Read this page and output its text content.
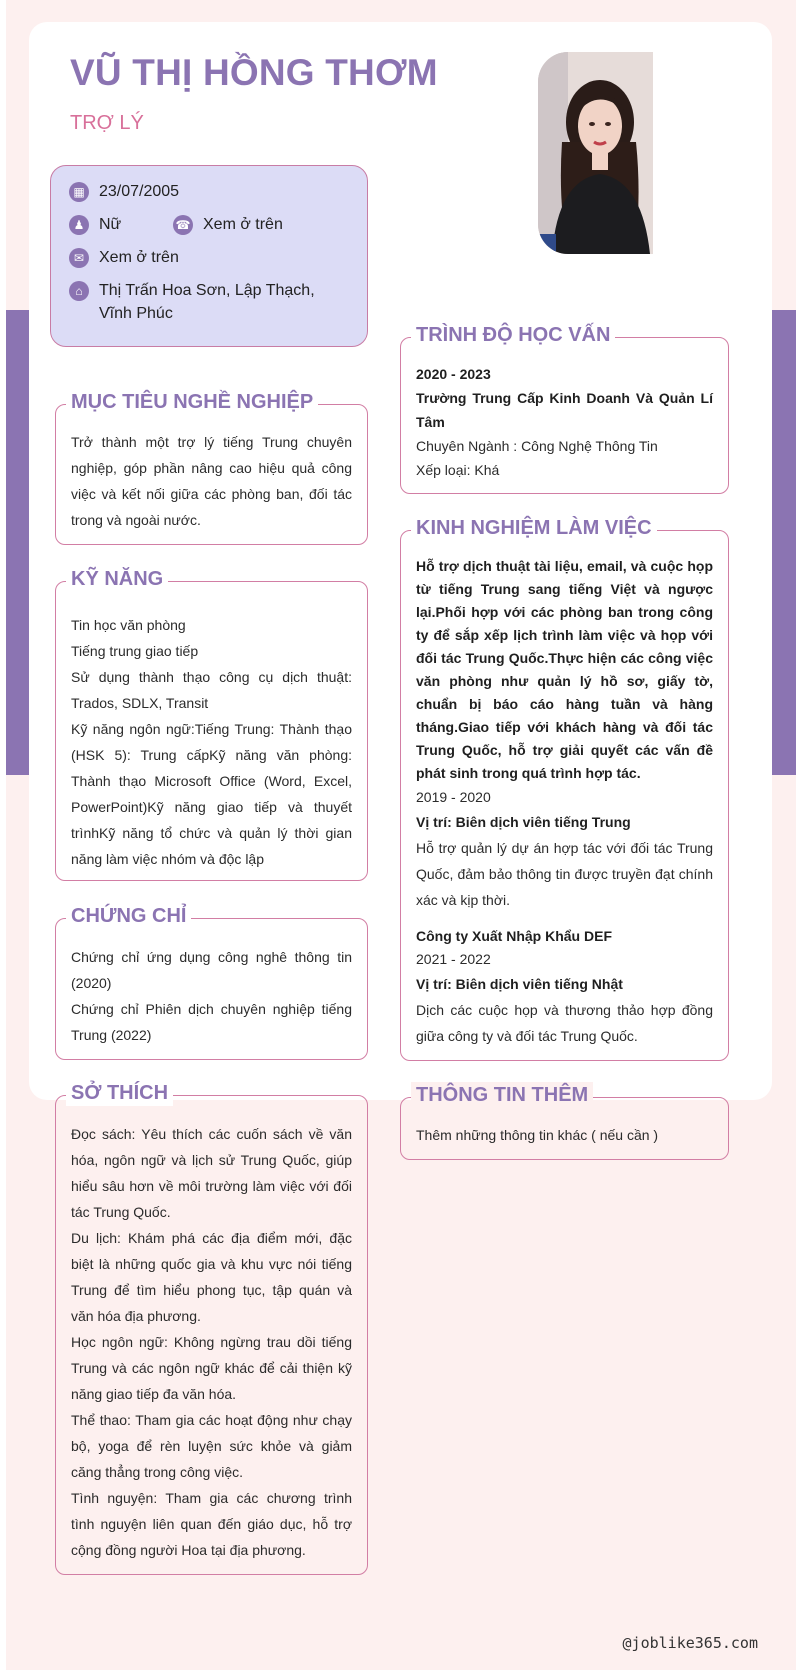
VŨ THỊ HỒNG THƠM
TRỢ LÝ
▦ 23/07/2005
♟ Nữ	☎ Xem ở trên
✉ Xem ở trên
⌂	Thị Trấn Hoa Sơn, Lập Thạch, Vĩnh Phúc
MỤC TIÊU NGHỀ NGHIỆP
Trở thành một trợ lý tiếng Trung chuyên nghiệp, góp phần nâng cao hiệu quả công việc và kết nối giữa các phòng ban, đối tác trong và ngoài nước.
KỸ NĂNG

Tin học văn phòng

Tiếng trung giao tiếp

Sử dụng thành thạo công cụ dịch thuật: Trados, SDLX, Transit

Kỹ năng ngôn ngữ:Tiếng Trung: Thành thạo (HSK 5): Trung cấpKỹ năng văn phòng: Thành thạo Microsoft Office (Word, Excel, PowerPoint)Kỹ năng giao tiếp và thuyết trìnhKỹ năng tổ chức và quản lý thời gian năng làm việc nhóm và độc lập

CHỨNG CHỈ

Chứng chỉ ứng dụng công nghê thông tin (2020)

Chứng chỉ Phiên dịch chuyên nghiệp tiếng Trung (2022)

SỞ THÍCH

Đọc sách: Yêu thích các cuốn sách về văn hóa, ngôn ngữ và lịch sử Trung Quốc, giúp hiểu sâu hơn về môi trường làm việc với đối tác Trung Quốc.

Du lịch: Khám phá các địa điểm mới, đặc biệt là những quốc gia và khu vực nói tiếng Trung để tìm hiểu phong tục, tập quán và văn hóa địa phương.

Học ngôn ngữ: Không ngừng trau dồi tiếng Trung và các ngôn ngữ khác để cải thiện kỹ năng giao tiếp đa văn hóa.

Thể thao: Tham gia các hoạt động như chạy bộ, yoga để rèn luyện sức khỏe và giảm căng thẳng trong công việc.

Tình nguyện: Tham gia các chương trình tình nguyện liên quan đến giáo dục, hỗ trợ cộng đồng người Hoa tại địa phương.

TRÌNH ĐỘ HỌC VẤN

2020 - 2023

Trường Trung Cấp Kinh Doanh Và Quản Lí Tâm

Chuyên Ngành : Công Nghệ Thông Tin

Xếp loại: Khá

KINH NGHIỆM LÀM VIỆC

Hỗ trợ dịch thuật tài liệu, email, và cuộc họp từ tiếng Trung sang tiếng Việt và ngược lại.Phối hợp với các phòng ban trong công ty để sắp xếp lịch trình làm việc và họp với đối tác Trung Quốc.Thực hiện các công việc văn phòng như quản lý hồ sơ, giấy tờ, chuẩn bị báo cáo hàng tuần và hàng tháng.Giao tiếp với khách hàng và đối tác Trung Quốc, hỗ trợ giải quyết các vấn đề phát sinh trong quá trình hợp tác.

2019 - 2020

Vị trí: Biên dịch viên tiếng Trung

Hỗ trợ quản lý dự án hợp tác với đối tác Trung Quốc, đảm bảo thông tin được truyền đạt chính xác và kịp thời.

Công ty Xuất Nhập Khẩu DEF

2021 - 2022

Vị trí: Biên dịch viên tiếng Nhật

Dịch các cuộc họp và thương thảo hợp đồng giữa công ty và đối tác Trung Quốc.

THÔNG TIN THÊM
Thêm những thông tin khác ( nếu cần )
@joblike365.com
